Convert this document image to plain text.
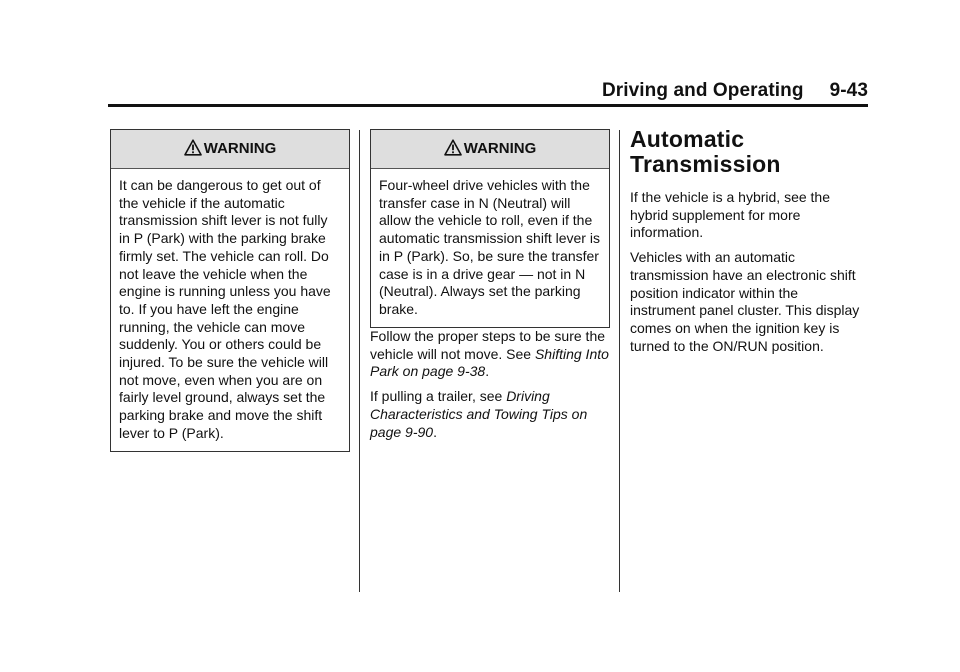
Driving and Operating 9-43
WARNING
It can be dangerous to get out of the vehicle if the automatic transmission shift lever is not fully in P (Park) with the parking brake firmly set. The vehicle can roll. Do not leave the vehicle when the engine is running unless you have to. If you have left the engine running, the vehicle can move suddenly. You or others could be injured. To be sure the vehicle will not move, even when you are on fairly level ground, always set the parking brake and move the shift lever to P (Park).
WARNING
Four-wheel drive vehicles with the transfer case in N (Neutral) will allow the vehicle to roll, even if the automatic transmission shift lever is in P (Park). So, be sure the transfer case is in a drive gear — not in N (Neutral). Always set the parking brake.

Follow the proper steps to be sure the vehicle will not move. See Shifting Into Park on page 9-38.

If pulling a trailer, see Driving Characteristics and Towing Tips on page 9-90.

Automatic Transmission

If the vehicle is a hybrid, see the hybrid supplement for more information.

Vehicles with an automatic transmission have an electronic shift position indicator within the instrument panel cluster. This display comes on when the ignition key is turned to the ON/RUN position.
